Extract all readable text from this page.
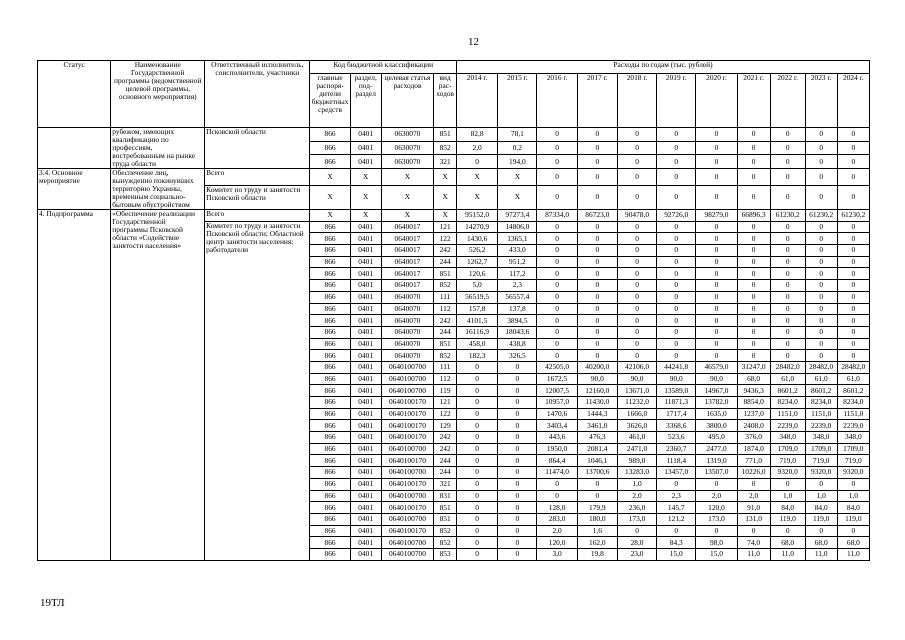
12
Статус	Наименование Государственной программы (ведомственной целевой программы, основного мероприятия)	Ответственный исполнитель, соисполнители, участники	Код бюджетной классификации				Расходы по годам (тыс. рублей)										
			главные распоря-дители бюджетных средств	раздел, под-раздел	целевая статья расходов	вид рас-ходов	2014 г.	2015 г.	2016 г.	2017 г.	2018 г.	2019 г.	2020 г.	2021 г.	2022 г.	2023 г.	2024 г.
	рубежом, имеющих квалификацию по профессиям, востребованным на рынке труда области	Псковской области	866	0401	0630070	851	82,8	78,1	0	0	0	0	0	0	0	0	0
			866	0401	0630070	852	2,0	0,2	0	0	0	0	0	0	0	0	0
			866	0401	0630070	321	0	194,0	0	0	0	0	0	0	0	0	0
3.4. Основное мероприятие	Обеспечение лиц, вынужденно покинувших территорию Украины, временным социально-бытовым обустройством	Всего	X	X	X	X	X	X	0	0	0	0	0	0	0	0	0
		Комитет по труду и занятости Псковской области	X	X	X	X	X	X	0	0	0	0	0	0	0	0	0
4. Подпрограмма	«Обеспечение реализации Государственной программы Псковской области «Содействие занятости населения»	Всего	X	X	X	X	95152,0	97273,4	87334,0	86723,0	90478,0	92726,0	98279,0	66896,3	61230,2	61230,2	61230,2
		Комитет по труду и занятости Псковской области; Областной центр занятости населения; работодатели	866	0401	0640017	121	14270,9	14806,0	0	0	0	0	0	0	0	0	0
			866	0401	0640017	122	1430,6	1365,1	0	0	0	0	0	0	0	0	0
			866	0401	0640017	242	526,2	433,0	0	0	0	0	0	0	0	0	0
			866	0401	0640017	244	1262,7	951,2	0	0	0	0	0	0	0	0	0
			866	0401	0640017	851	120,6	117,2	0	0	0	0	0	0	0	0	0
			866	0401	0640017	852	5,0	2,3	0	0	0	0	0	0	0	0	0
			866	0401	0640070	111	56519,5	56557,4	0	0	0	0	0	0	0	0	0
			866	0401	0640070	112	157,8	137,8	0	0	0	0	0	0	0	0	0
			866	0401	0640070	242	4101,5	3894,5	0	0	0	0	0	0	0	0	0
			866	0401	0640070	244	16116,9	18043,6	0	0	0	0	0	0	0	0	0
			866	0401	0640070	851	458,0	438,8	0	0	0	0	0	0	0	0	0
			866	0401	0640070	852	182,3	326,5	0	0	0	0	0	0	0	0	0
			866	0401	0640100700	111	0	0	42505,0	40200,0	42106,0	44241,8	46579,0	31247,0	28482,0	28482,0	28482,0
			866	0401	0640100700	112	0	0	1672,5	90,0	90,0	90,0	90,0	68,0	61,0	61,0	61,0
			866	0401	0640100700	119	0	0	12007,5	12160,0	13671,0	13589,0	14967,0	9436,3	8601,2	8601,2	8601,2
			866	0401	0640100170	121	0	0	10957,0	11430,0	11232,0	11871,3	13782,0	8854,0	8234,0	8234,0	8234,0
			866	0401	0640100170	122	0	0	1470,6	1444,3	1666,0	1717,4	1635,0	1237,0	1151,0	1151,0	1151,0
			866	0401	0640100170	129	0	0	3403,4	3461,0	3626,0	3368,6	3800,0	2408,0	2239,0	2239,0	2239,0
			866	0401	0640100170	242	0	0	443,6	476,3	461,0	523,6	495,0	376,0	348,0	348,0	348,0
			866	0401	0640100700	242	0	0	1950,0	2081,4	2471,0	2360,7	2477,0	1874,0	1709,0	1709,0	1709,0
			866	0401	0640100170	244	0	0	864,4	1046,1	989,0	1118,4	1319,0	771,0	719,0	719,0	719,0
			866	0401	0640100700	244	0	0	11474,0	13700,6	13283,0	13457,0	13507,0	10226,0	9320,0	9320,0	9320,0
			866	0401	0640100170	321	0	0	0	0	1,0	0	0	0	0	0	0
			866	0401	0640100700	831	0	0	0	0	2,0	2,3	2,0	2,0	1,0	1,0	1,0
			866	0401	0640100170	851	0	0	128,0	179,9	236,0	145,7	120,0	91,0	84,0	84,0	84,0
			866	0401	0640100700	851	0	0	283,0	180,0	173,0	121,2	173,0	131,0	119,0	119,0	119,0
			866	0401	0640100170	852	0	0	2,0	1,6	0	0	0	0	0	0	0
			866	0401	0640100700	852	0	0	120,0	162,0	28,0	84,3	98,0	74,0	68,0	68,0	68,0
			866	0401	0640100700	853	0	0	3,0	19,8	23,0	15,0	15,0	11,0	11,0	11,0	11,0
19ТЛ
